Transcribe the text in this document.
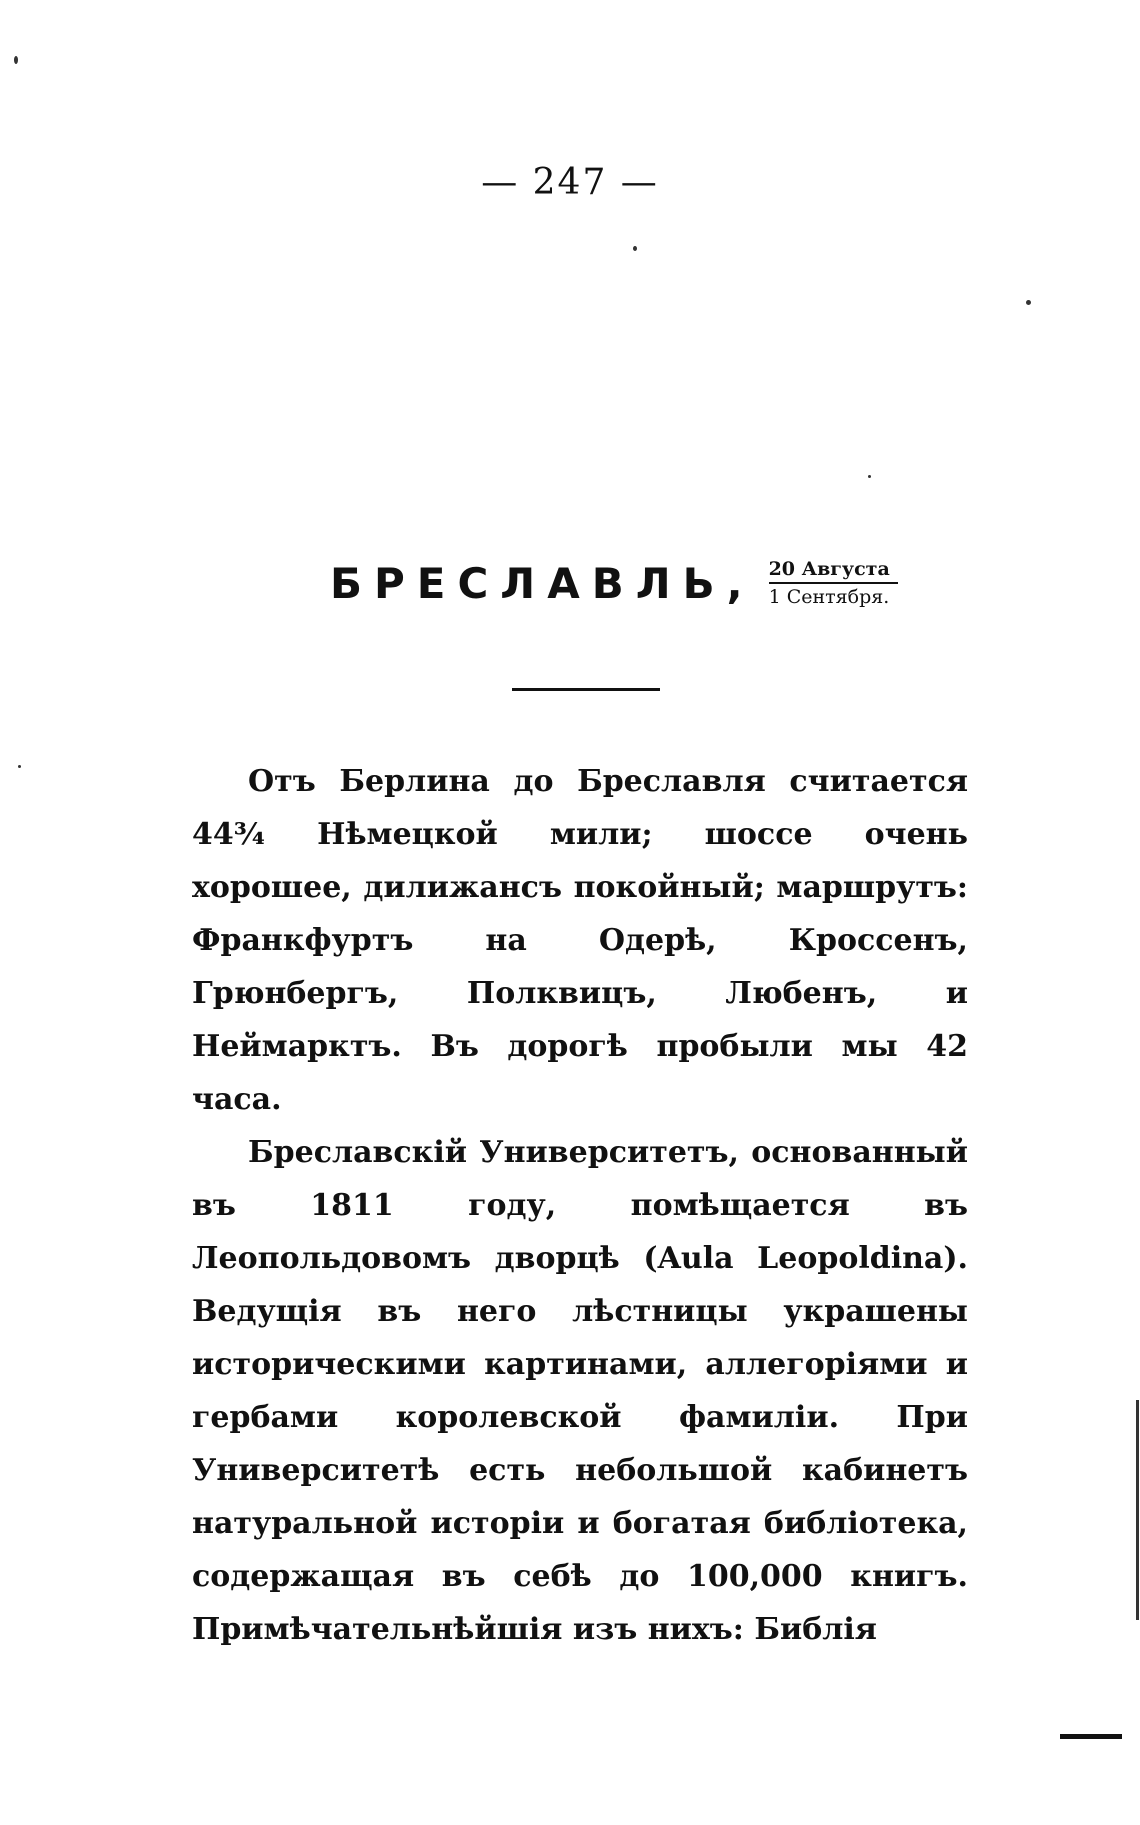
— 247 —
БРЕСЛАВЛЬ, 20 Августа
1 Сентября.

Отъ Берлина до Бреславля считается 44¾ Нѣмецкой мили; шоссе очень хорошее, дилижансъ покойный; маршрутъ: Франкфуртъ на Одерѣ, Кроссенъ, Грюнбергъ, Полквицъ, Любенъ, и Неймарктъ. Въ дорогѣ пробыли мы 42 часа.

Бреславскій Университетъ, основанный въ 1811 году, помѣщается въ Леопольдовомъ дворцѣ (Aula Leopoldina). Ведущія въ него лѣстницы украшены историческими картинами, аллегоріями и гербами королевской фамиліи. При Университетѣ есть небольшой кабинетъ натуральной исторіи и богатая библіотека, содержащая въ себѣ до 100,000 книгъ. Примѣчательнѣйшія изъ нихъ: Библія
